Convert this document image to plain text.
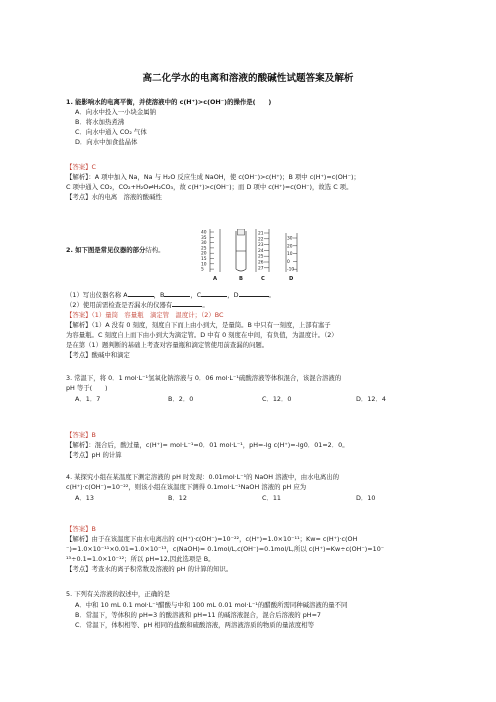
高二化学水的电离和溶液的酸碱性试题答案及解析
1. 能影响水的电离平衡，并使溶液中的 c(H⁺)>c(OH⁻)的操作是(　　)
A．向水中投入一小块金属钠
B．将水加热煮沸
C．向水中通入 CO₂ 气体
D．向水中加食盐晶体
【答案】C
【解析】：A 项中加入 Na，Na 与 H₂O 反应生成 NaOH，使 c(OH⁻)>c(H⁺)；B 项中 c(H⁺)=c(OH⁻)；
C 项中通入 CO₂，CO₂+H₂O⇌H₂CO₃，故 c(H⁺)>c(OH⁻)；而 D 项中 c(H⁺)=c(OH⁻)，故选 C 项。
【考点】水的电离　溶液的酸碱性
2. 如下图是常见仪器的部分结构。
40
35
30
25
20
15
10
5
21
22
23
24
25
26
27
30
20
10
0
-10
A	B	C	D
（1）写出仪器名称 A	，B	，C	，D	。
（2）使用前需检查是否漏水的仪器有	。
【答案】（1）量筒　容量瓶　滴定管　温度计；（2）BC
【解析】（1）A 没有 0 刻度，刻度自下而上由小到大，是量筒。B 中只有一刻度，上部有塞子
为容量瓶。C 刻度自上而下由小到大为滴定管。D 中有 0 刻度在中间，有负值，为温度计。（2）
是在第（1）题判断的基础上考查对容量瓶和滴定管使用前查漏的问题。
【考点】酸碱中和滴定
3. 常温下，将 0．1 mol·L⁻¹氢氧化钠溶液与 0．06 mol·L⁻¹硫酸溶液等体积混合，该混合溶液的
pH 等于(　　)
A．1．7	B．2．0	C．12．0	D．12．4
【答案】B
【解析】：混合后，酸过量，c(H⁺)= mol·L⁻¹=0．01 mol·L⁻¹，pH=-lg c(H⁺)=-lg0．01=2．0。
【考点】pH 的计算
4. 某探究小组在某温度下测定溶液的 pH 时发现：0.01mol·L⁻¹的 NaOH 溶液中，由水电离出的
c(H⁺)·c(OH⁻)=10⁻²²，则该小组在该温度下测得 0.1mol·L⁻¹NaOH 溶液的 pH 应为
A．13	B．12	C．11	D．10
【答案】B
【解析】由于在该温度下由水电离出的 c(H⁺)·c(OH⁻)=10⁻²²，c(H⁺)=1.0×10⁻¹¹；Kw= c(H⁺)·c(OH
⁻)=1.0×10⁻¹¹×0.01=1.0×10⁻¹³，c(NaOH)= 0.1mol/L,c(OH⁻)=0.1mol/L,所以 c(H⁺)=Kw÷c(OH⁻)=10⁻
¹³÷0.1=1.0×10⁻¹²；所以 pH=12,因此选项是 B。
【考点】考查水的离子积常数及溶液的 pH 的计算的知识。
5. 下列有关溶液的叙述中，正确的是
A．中和 10 mL 0.1 mol·L⁻¹醋酸与中和 100 mL 0.01 mol·L⁻¹的醋酸所需同种碱溶液的量不同
B．常温下，等体积的 pH=3 的酸溶液和 pH=11 的碱溶液混合，混合后溶液的 pH=7
C．常温下，体积相等、pH 相同的盐酸和硫酸溶液，两溶液溶质的物质的量浓度相等
